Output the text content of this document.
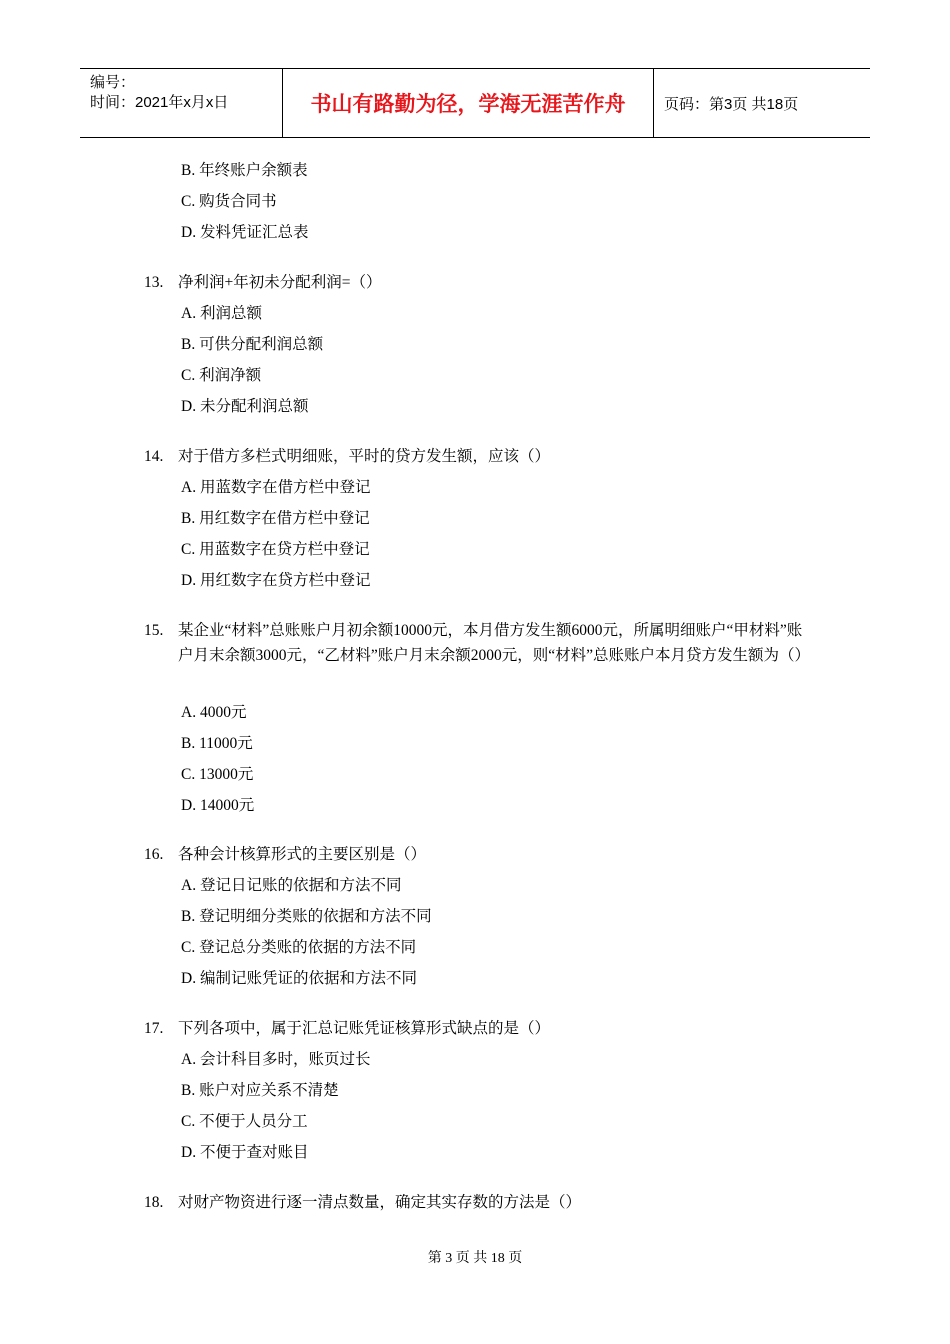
编号：
时间：2021年x月x日	书山有路勤为径，学海无涯苦作舟	页码：第3页 共18页
B. 年终账户余额表
C. 购货合同书
D. 发料凭证汇总表
13. 净利润+年初未分配利润=（）
A. 利润总额
B. 可供分配利润总额
C. 利润净额
D. 未分配利润总额
14. 对于借方多栏式明细账，平时的贷方发生额，应该（）
A. 用蓝数字在借方栏中登记
B. 用红数字在借方栏中登记
C. 用蓝数字在贷方栏中登记
D. 用红数字在贷方栏中登记
15. 某企业“材料”总账账户月初余额10000元，本月借方发生额6000元，所属明细账户“甲材料”账户月末余额3000元，“乙材料”账户月末余额2000元，则“材料”总账账户本月贷方发生额为（）
A. 4000元
B. 11000元
C. 13000元
D. 14000元
16. 各种会计核算形式的主要区别是（）
A. 登记日记账的依据和方法不同
B. 登记明细分类账的依据和方法不同
C. 登记总分类账的依据的方法不同
D. 编制记账凭证的依据和方法不同
17. 下列各项中，属于汇总记账凭证核算形式缺点的是（）
A. 会计科目多时，账页过长
B. 账户对应关系不清楚
C. 不便于人员分工
D. 不便于查对账目
18. 对财产物资进行逐一清点数量，确定其实存数的方法是（）
第 3 页 共 18 页
